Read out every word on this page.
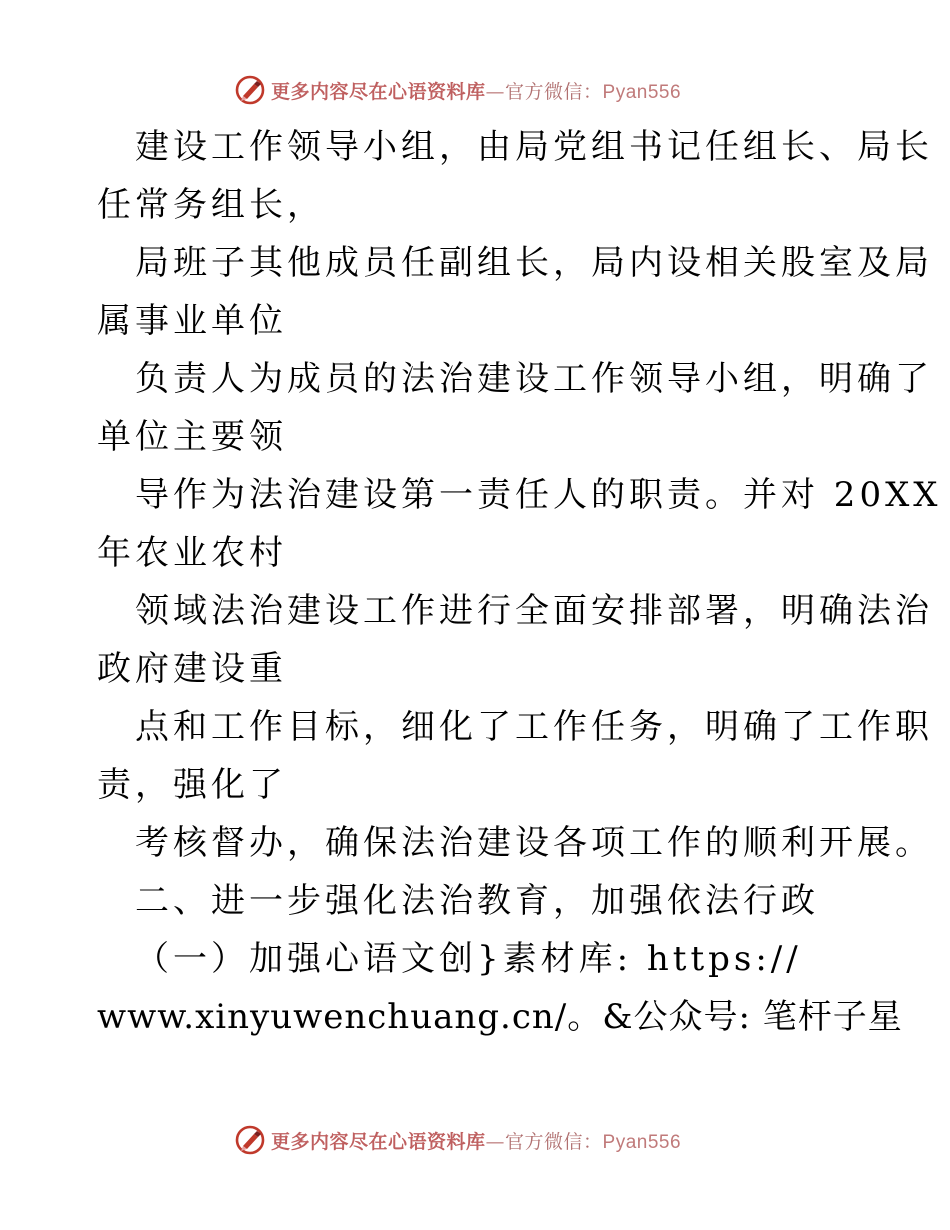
更多内容尽在心语资料库—官方微信：Pyan556
建设工作领导小组，由局党组书记任组长、局长
任常务组长，
局班子其他成员任副组长，局内设相关股室及局
属事业单位
负责人为成员的法治建设工作领导小组，明确了
单位主要领
导作为法治建设第一责任人的职责。并对 20XX
年农业农村
领域法治建设工作进行全面安排部署，明确法治
政府建设重
点和工作目标，细化了工作任务，明确了工作职
责，强化了
考核督办，确保法治建设各项工作的顺利开展。
二、进一步强化法治教育，加强依法行政
（一）加强心语文创}素材库: https://
www.xinyuwenchuang.cn/。&公众号: 笔杆子星
更多内容尽在心语资料库—官方微信：Pyan556
